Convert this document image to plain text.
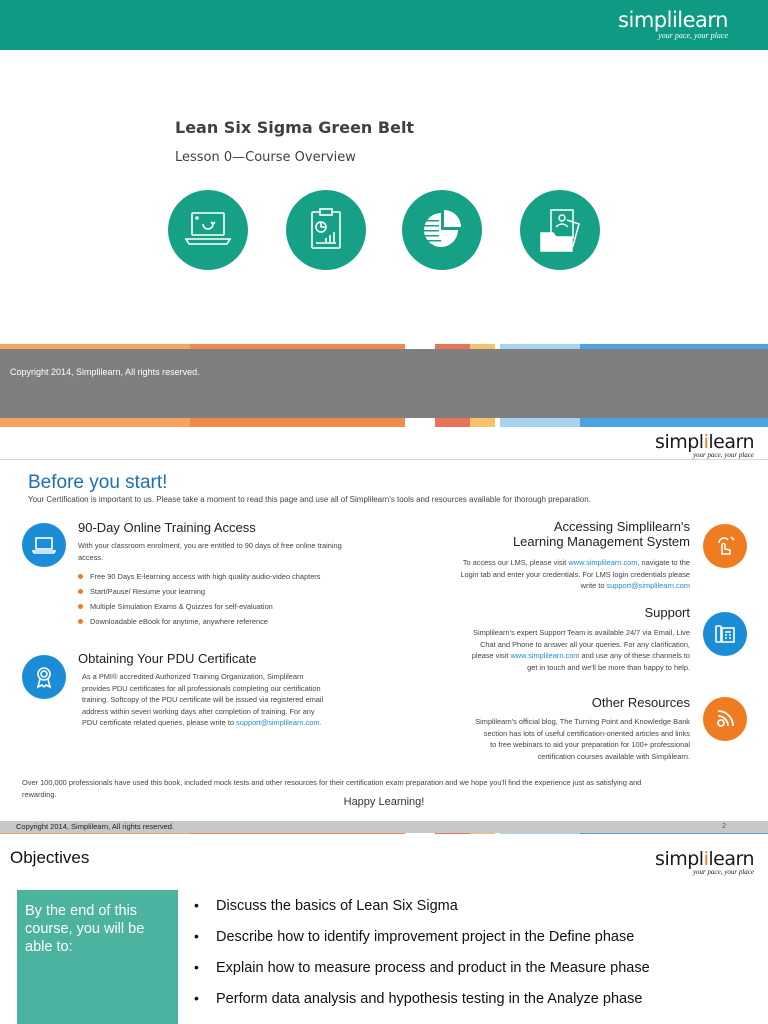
simplilearn
your pace, your place
Lean Six Sigma Green Belt
Lesson 0—Course Overview
Copyright 2014, Simplilearn, All rights reserved.
simplilearn
your pace, your place
Before you start!
Your Certification is important to us. Please take a moment to read this page and use all of Simplilearn's tools and resources available for thorough preparation.
90-Day Online Training Access
With your classroom enrolment, you are entitled to 90 days of free online training
access.
Free 90 Days E-learning access with high quality audio-video chapters
Start/Pause/ Resume your learning
Multiple Simulation Exams & Quizzes for self-evaluation
Downloadable eBook for anytime, anywhere reference
Obtaining Your PDU Certificate
As a PMI® accredited Authorized Training Organization, Simplilearn
provides PDU certificates for all professionals completing our certification
training. Softcopy of the PDU certificate will be issued via registered email
address within seven working days after completion of training. For any
PDU certificate related queries, please write to support@simplilearn.com.
Accessing Simplilearn's
Learning Management System
To access our LMS, please visit www.simplilearn.com, navigate to the
Login tab and enter your credentials. For LMS login credentials please
write to support@simplilearn.com
Support
Simplilearn's expert Support Team is available 24/7 via Email, Live
Chat and Phone to answer all your queries. For any clarification,
please visit www.simplilearn.com and use any of these channels to
get in touch and we'll be more than happy to help.
Other Resources
Simplilearn's official blog, The Turning Point and Knowledge Bank
section has lots of useful certification-oriented articles and links
to free webinars to aid your preparation for 100+ professional
certification courses available with Simplilearn.
Over 100,000 professionals have used this book, included mock tests and other resources for their certification exam preparation and we hope you'll find the experience just as satisfying and
rewarding.
Happy Learning!
Copyright 2014, Simplilearn, All rights reserved.	2
Objectives	simplilearn
your pace, your place
By the end of this course, you will be able to:
• Discuss the basics of Lean Six Sigma
• Describe how to identify improvement project in the Define phase
• Explain how to measure process and product in the Measure phase
• Perform data analysis and hypothesis testing in the Analyze phase
